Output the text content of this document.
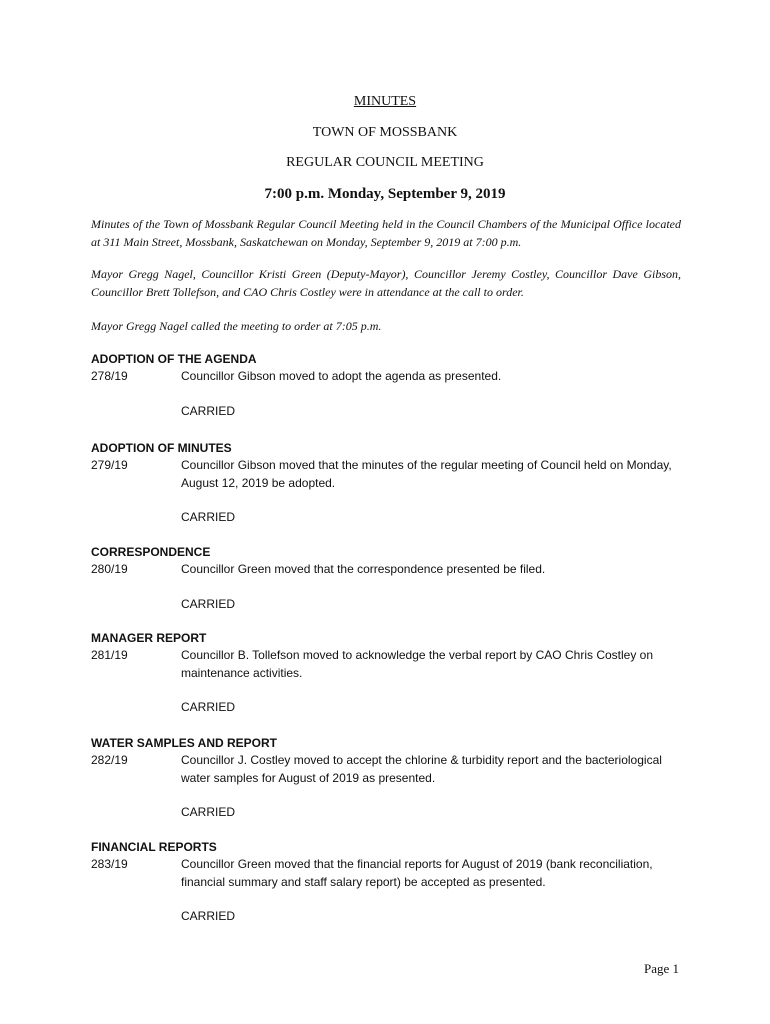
MINUTES
TOWN OF MOSSBANK
REGULAR COUNCIL MEETING
7:00 p.m. Monday, September 9, 2019
Minutes of the Town of Mossbank Regular Council Meeting held in the Council Chambers of the Municipal Office located at 311 Main Street, Mossbank, Saskatchewan on Monday, September 9, 2019 at 7:00 p.m.
Mayor Gregg Nagel, Councillor Kristi Green (Deputy-Mayor), Councillor Jeremy Costley, Councillor Dave Gibson, Councillor Brett Tollefson, and CAO Chris Costley were in attendance at the call to order.
Mayor Gregg Nagel called the meeting to order at 7:05 p.m.
ADOPTION OF THE AGENDA
278/19	Councillor Gibson moved to adopt the agenda as presented.
CARRIED
ADOPTION OF MINUTES
279/19	Councillor Gibson moved that the minutes of the regular meeting of Council held on Monday, August 12, 2019 be adopted.
CARRIED
CORRESPONDENCE
280/19	Councillor Green moved that the correspondence presented be filed.
CARRIED
MANAGER REPORT
281/19	Councillor B. Tollefson moved to acknowledge the verbal report by CAO Chris Costley on maintenance activities.
CARRIED
WATER SAMPLES AND REPORT
282/19	Councillor J. Costley moved to accept the chlorine & turbidity report and the bacteriological water samples for August of 2019 as presented.
CARRIED
FINANCIAL REPORTS
283/19	Councillor Green moved that the financial reports for August of 2019 (bank reconciliation, financial summary and staff salary report) be accepted as presented.
CARRIED
Page 1
